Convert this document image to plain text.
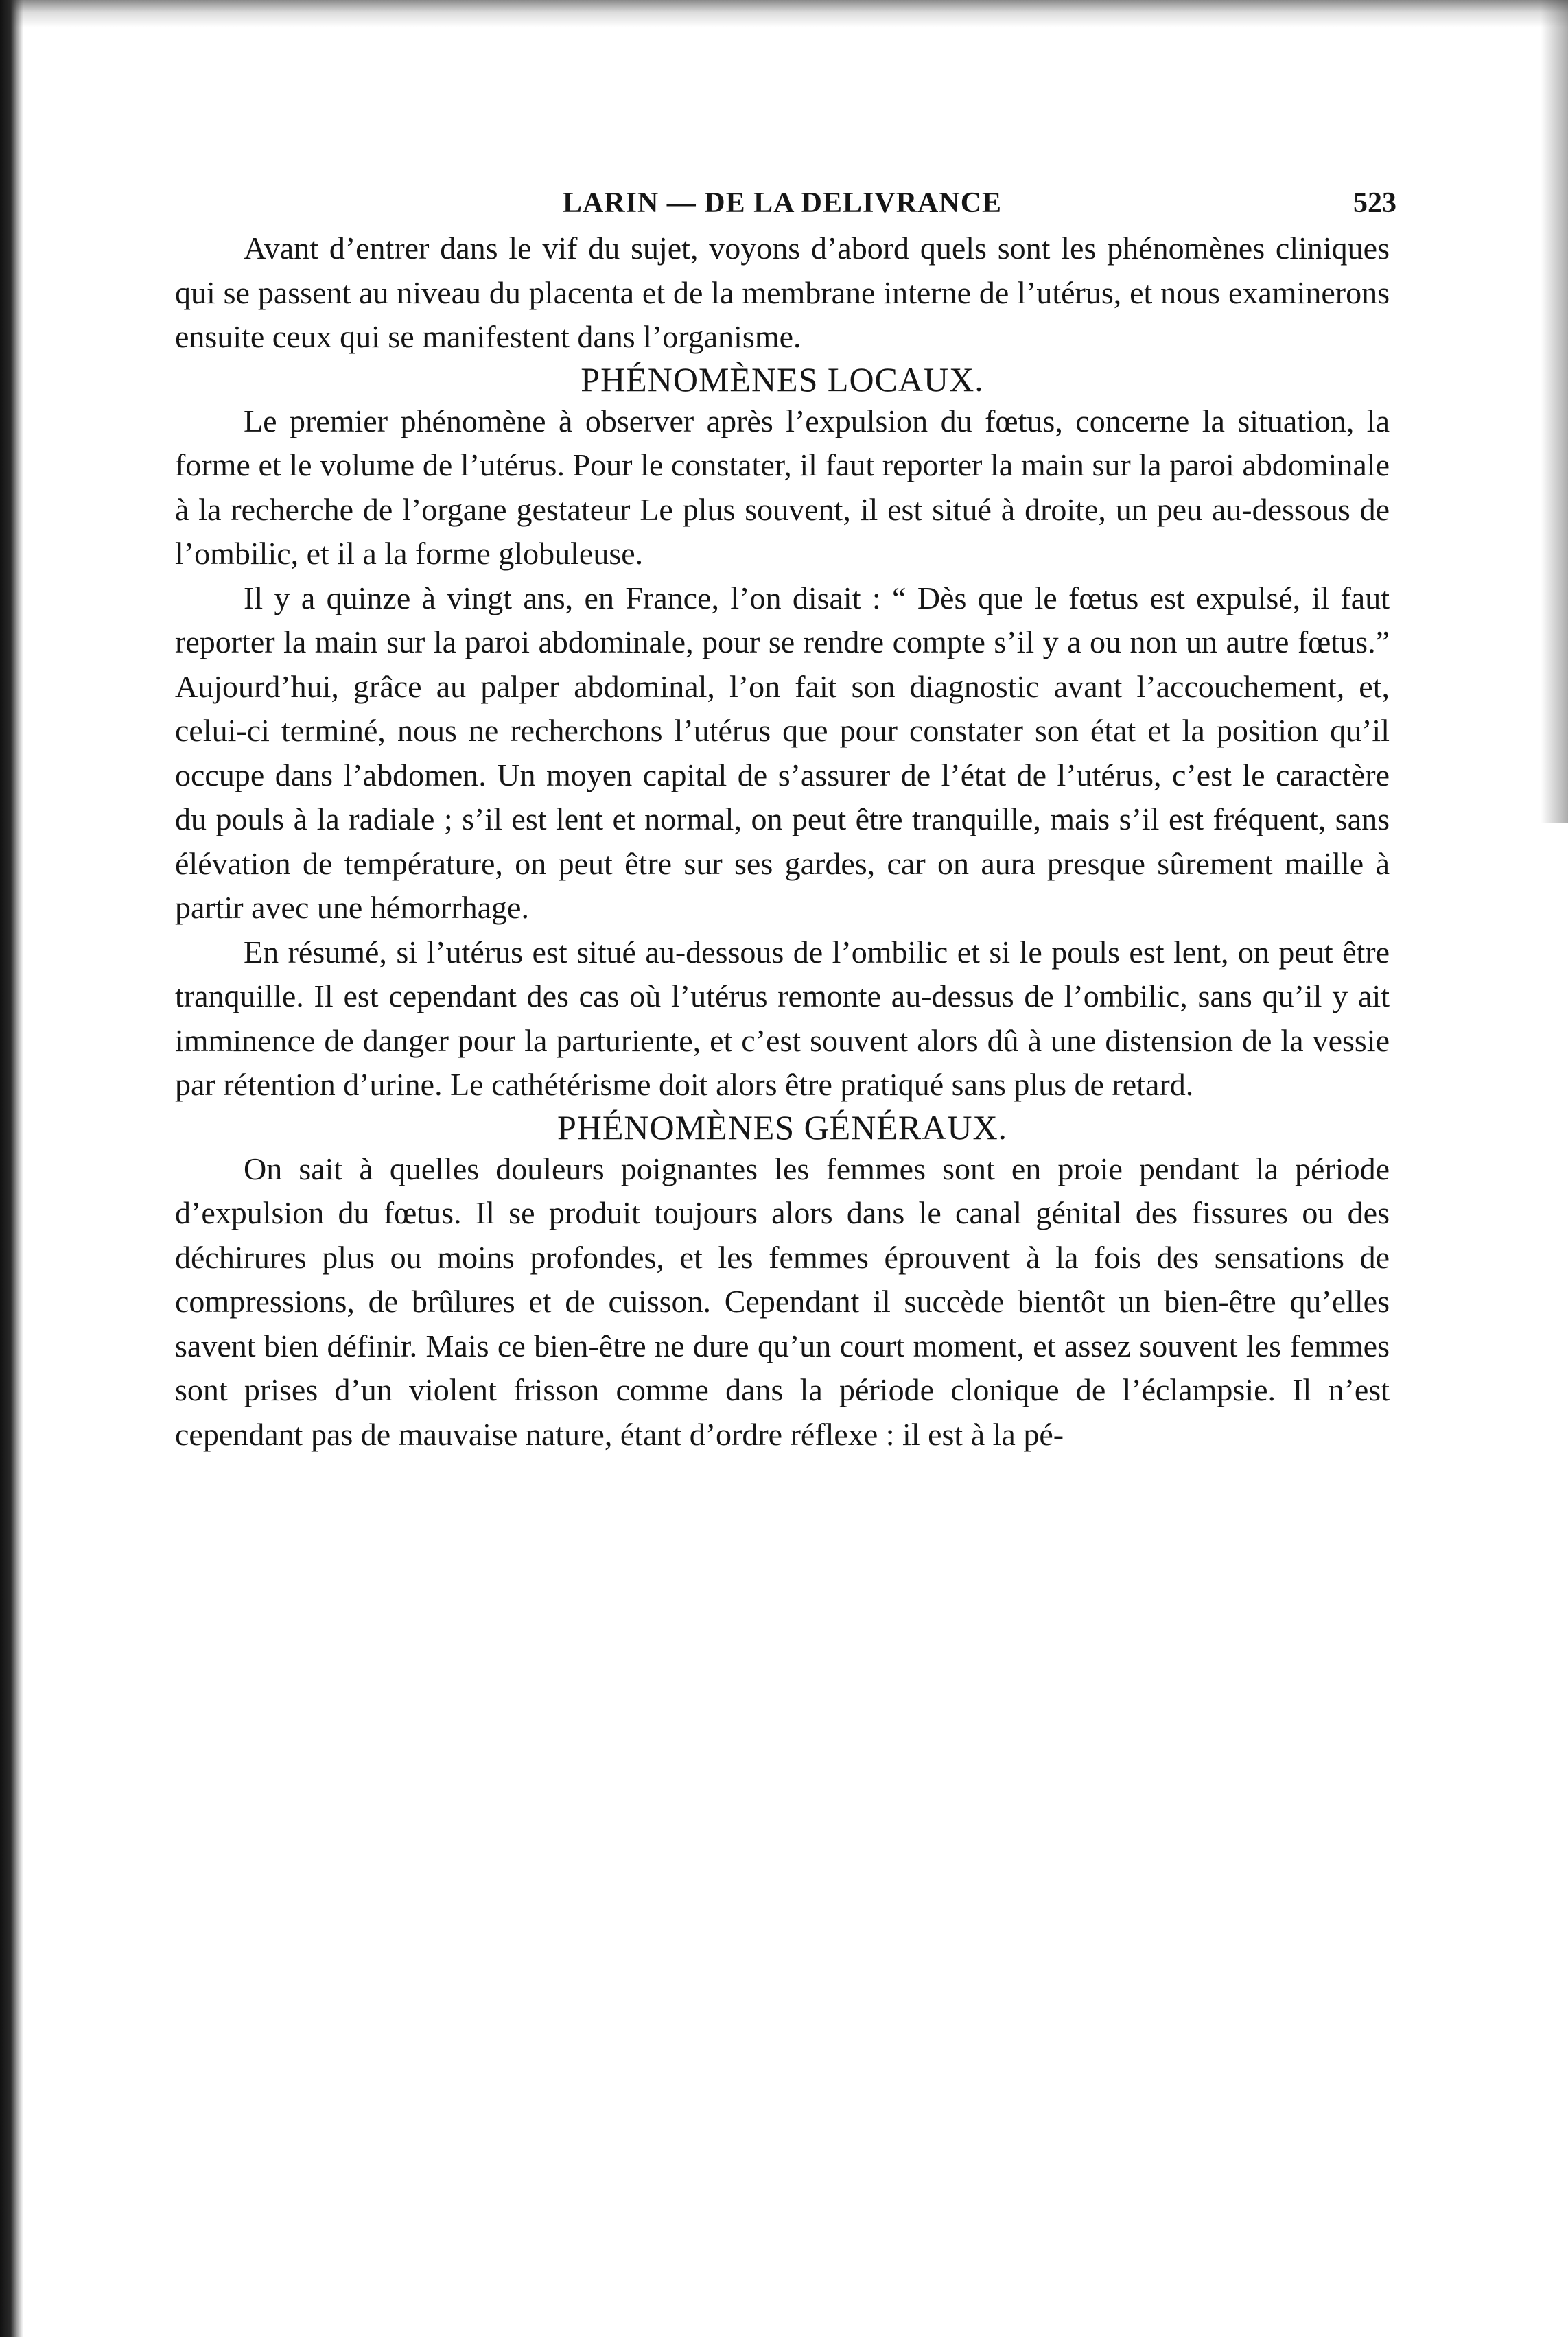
LARIN — DE LA DELIVRANCE	523

Avant d’entrer dans le vif du sujet, voyons d’abord quels sont les phénomènes cliniques qui se passent au niveau du placenta et de la membrane interne de l’utérus, et nous examinerons ensuite ceux qui se manifestent dans l’organisme.

PHÉNOMÈNES LOCAUX.

Le premier phénomène à observer après l’expulsion du fœtus, concerne la situation, la forme et le volume de l’utérus. Pour le constater, il faut reporter la main sur la paroi abdominale à la recherche de l’organe gestateur Le plus souvent, il est situé à droite, un peu au-dessous de l’ombilic, et il a la forme globuleuse.

Il y a quinze à vingt ans, en France, l’on disait : “ Dès que le fœtus est expulsé, il faut reporter la main sur la paroi abdominale, pour se rendre compte s’il y a ou non un autre fœtus.” Aujourd’hui, grâce au palper abdominal, l’on fait son diagnostic avant l’accouchement, et, celui-ci terminé, nous ne recherchons l’utérus que pour constater son état et la position qu’il occupe dans l’abdomen. Un moyen capital de s’assurer de l’état de l’utérus, c’est le caractère du pouls à la radiale ; s’il est lent et normal, on peut être tranquille, mais s’il est fréquent, sans élévation de température, on peut être sur ses gardes, car on aura presque sûrement maille à partir avec une hémorrhage.

En résumé, si l’utérus est situé au-dessous de l’ombilic et si le pouls est lent, on peut être tranquille. Il est cependant des cas où l’utérus remonte au-dessus de l’ombilic, sans qu’il y ait imminence de danger pour la parturiente, et c’est souvent alors dû à une distension de la vessie par rétention d’urine. Le cathétérisme doit alors être pratiqué sans plus de retard.

PHÉNOMÈNES GÉNÉRAUX.

On sait à quelles douleurs poignantes les femmes sont en proie pendant la période d’expulsion du fœtus. Il se produit toujours alors dans le canal génital des fissures ou des déchirures plus ou moins profondes, et les femmes éprouvent à la fois des sensations de compressions, de brûlures et de cuisson. Cependant il succède bientôt un bien-être qu’elles savent bien définir. Mais ce bien-être ne dure qu’un court moment, et assez souvent les femmes sont prises d’un violent frisson comme dans la période clonique de l’éclampsie. Il n’est cependant pas de mauvaise nature, étant d’ordre réflexe : il est à la pé-
